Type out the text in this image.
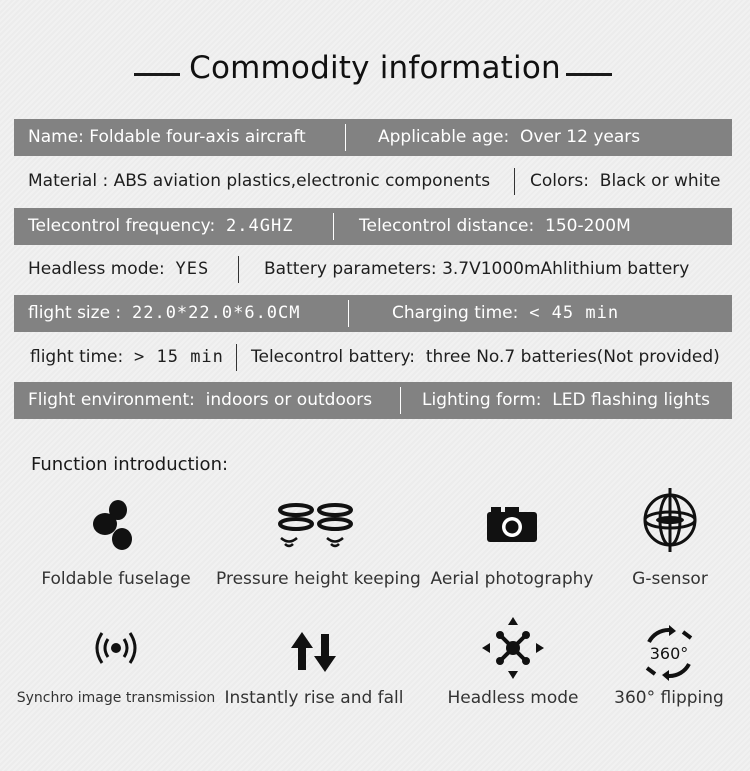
Commodity information
Name: Foldable four-axis aircraft	Applicable age: Over 12 years
Material : ABS aviation plastics,electronic components Colors: Black or white
Telecontrol frequency: 2.4GHZ	Telecontrol distance: 150-200M
Headless mode: YES	Battery parameters: 3.7V1000mAhlithium battery
flight size : 22.0*22.0*6.0CM	Charging time: < 45 min
flight time: > 15 min Telecontrol battery: three No.7 batteries(Not provided)
Flight environment: indoors or outdoors	Lighting form: LED flashing lights
Function introduction:
Foldable fuselage	Pressure height keeping Aerial photography	G-sensor
Synchro image transmission Instantly rise and fall	Headless mode
360°
360° flipping
